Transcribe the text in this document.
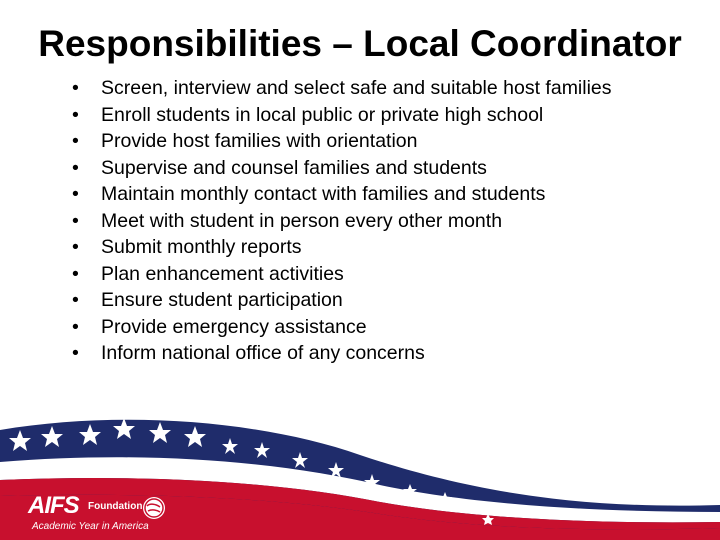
Responsibilities – Local Coordinator
• Screen, interview and select safe and suitable host families
• Enroll students in local public or private high school
• Provide host families with orientation
• Supervise and counsel families and students
• Maintain monthly contact with families and students
• Meet with student in person every other month
• Submit monthly reports
• Plan enhancement activities
• Ensure student participation
• Provide emergency assistance
• Inform national office of any concerns
AIFS Foundation
Academic Year in America
